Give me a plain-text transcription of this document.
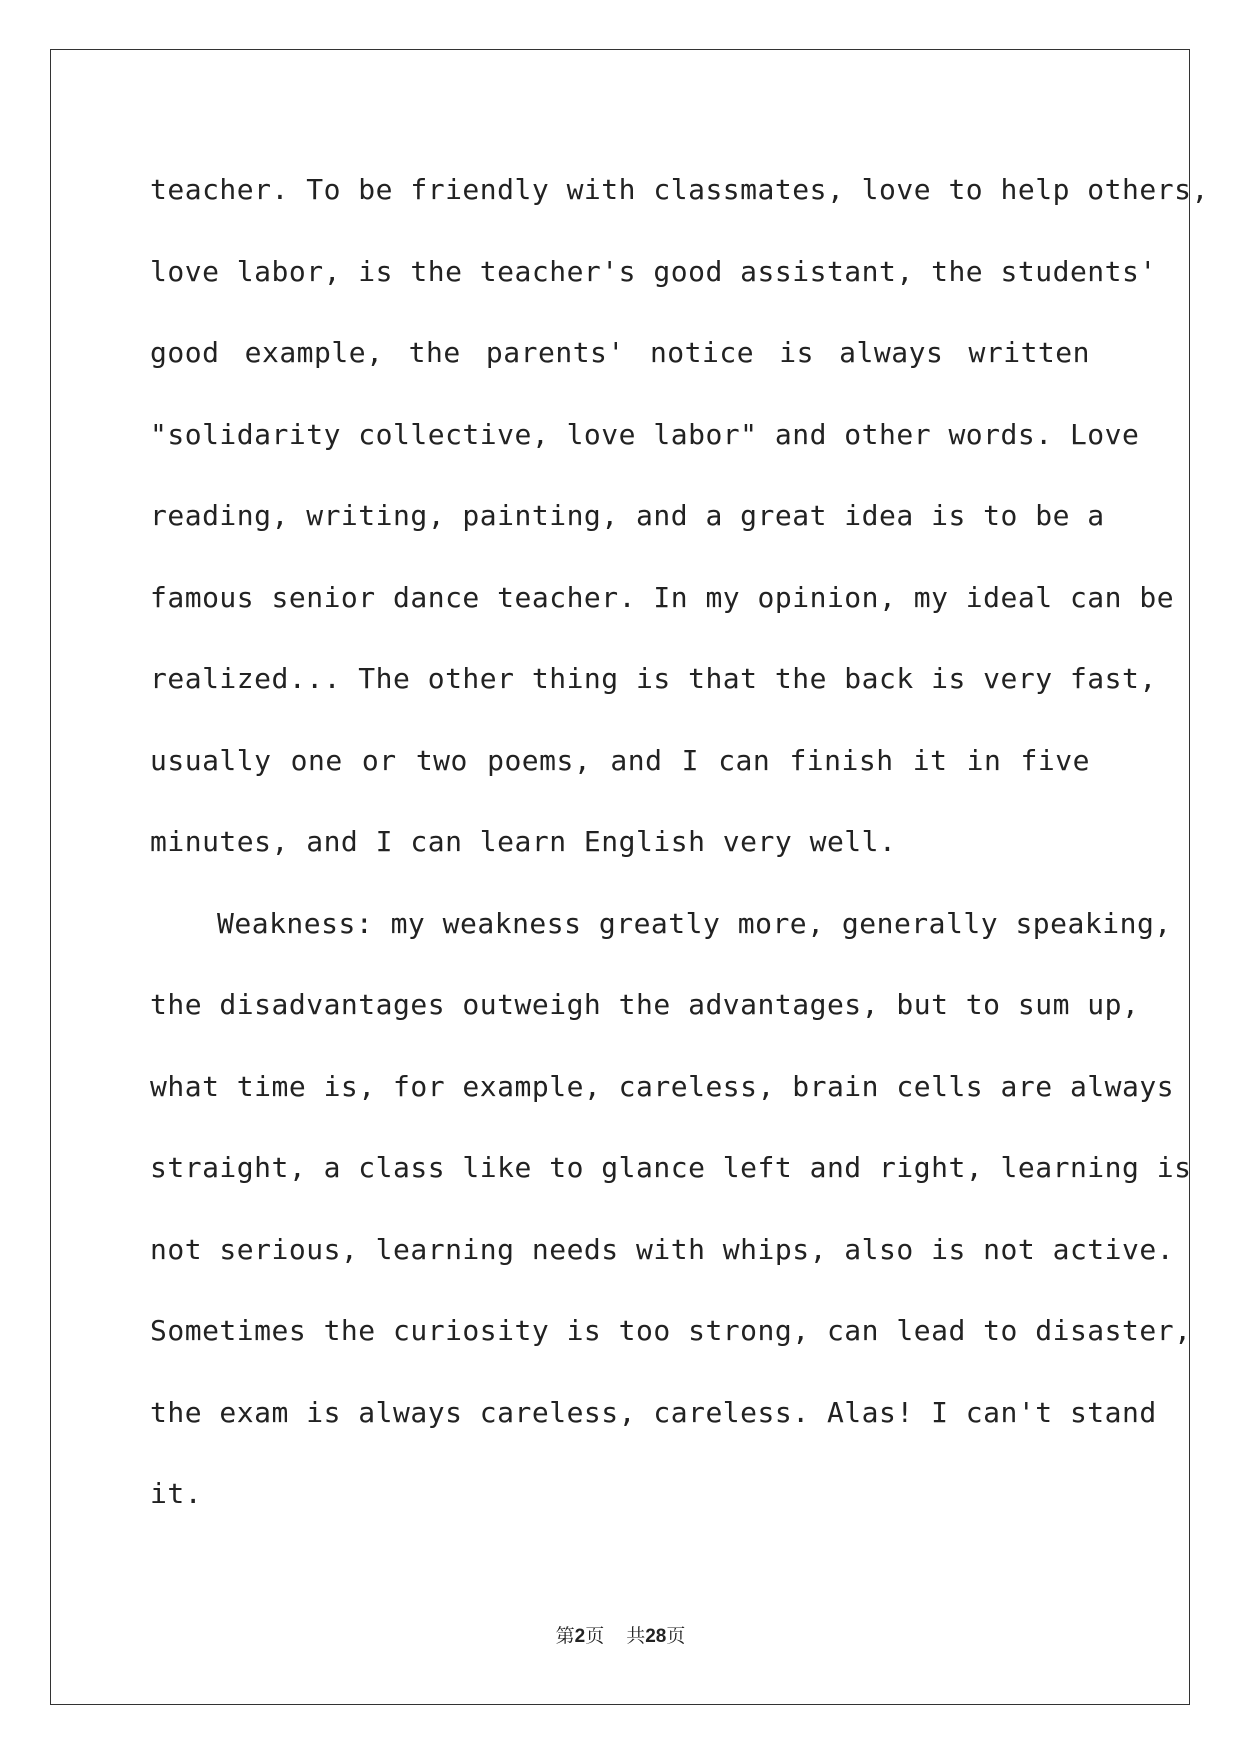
teacher. To be friendly with classmates, love to help others,
love labor, is the teacher's good assistant, the students'
good example, the parents' notice is always written
"solidarity collective, love labor" and other words. Love
reading, writing, painting, and a great idea is to be a
famous senior dance teacher. In my opinion, my ideal can be
realized... The other thing is that the back is very fast,
usually one or two poems, and I can finish it in five
minutes, and I can learn English very well.
Weakness: my weakness greatly more, generally speaking,
the disadvantages outweigh the advantages, but to sum up,
what time is, for example, careless, brain cells are always
straight, a class like to glance left and right, learning is
not serious, learning needs with whips, also is not active.
Sometimes the curiosity is too strong, can lead to disaster,
the exam is always careless, careless. Alas! I can't stand
it.
第2页 共28页
